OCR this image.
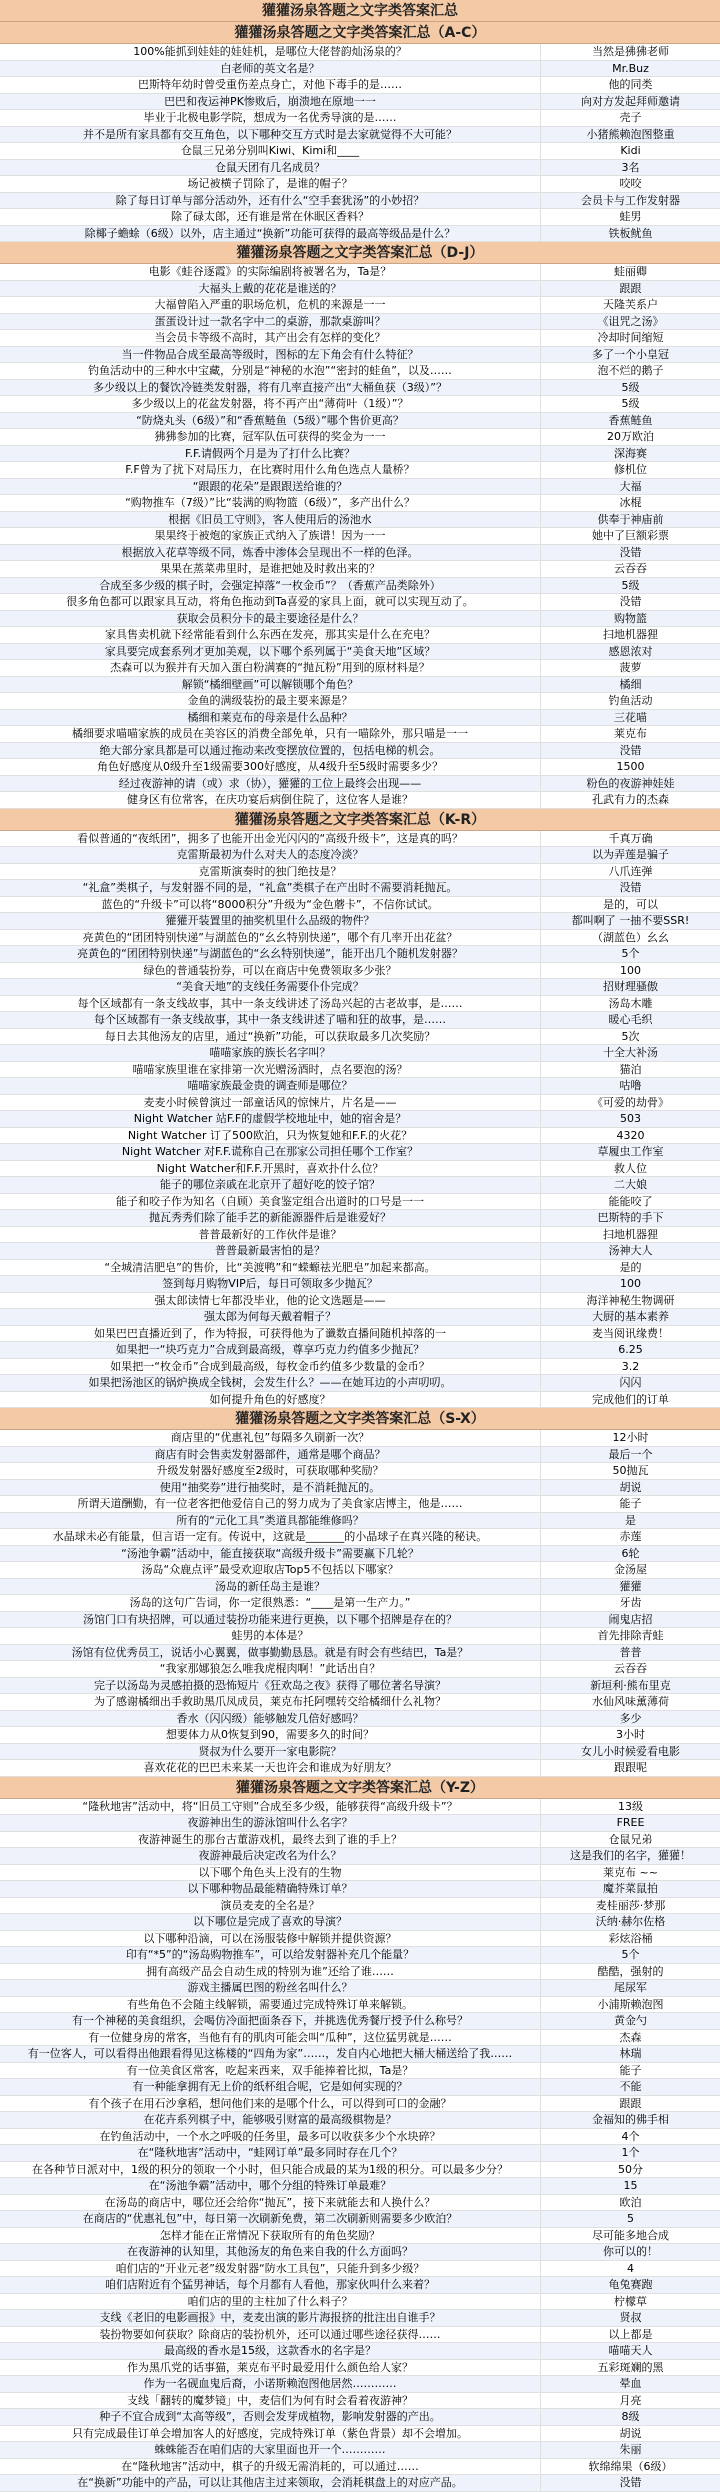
獾獾汤泉答题之文字类答案汇总
獾獾汤泉答题之文字类答案汇总（A-C）
100%能抓到娃娃的娃娃机，是哪位大佬替韵灿汤泉的？	当然是狒狒老师
白老师的英文名是？	Mr.Buz
巴斯特年幼时曾受重伤差点身亡，对他下毒手的是……	他的同类
巴巴和夜运神PK惨败后，崩溃地在原地一一	向对方发起拜师邀请
毕业于北极电影学院，想成为一名优秀导演的是……	壳子
并不是所有家具都有交互角色，以下哪种交互方式时是去家就觉得不大可能？	小猪熊赖泡图整重
仓鼠三兄弟分别叫Kiwi、Kimi和____	Kidi
仓鼠天团有几名成员？	3名
场记被横子罚除了，是谁的帽子？	咬咬
除了每日订单与部分活动外，还有什么“空手套犹汤”的小妙招？	会员卡与工作发射器
除了碌太郎，还有谁是常在休眠区香料？	蛙男
除椰子蟾蜍（6级）以外，店主通过“换新”功能可获得的最高等级品是什么？	铁板鱿鱼
獾獾汤泉答题之文字类答案汇总（D-J）
电影《蛙谷逐霞》的实际编剧将被署名为，Ta是？	蛙丽卿
大福头上戴的花花是谁送的？	跟跟
大福曾陷入严重的职场危机，危机的来源是一一	天隆芙系户
蛋蛋设计过一款名字中二的桌游，那款桌游叫？	《诅咒之汤》
当会员卡等级不高时，其产出会有怎样的变化？	冷却时间缩短
当一件物品合成至最高等级时，图标的左下角会有什么特征？	多了一个小皇冠
钓鱼活动中的三种水中宝藏，分别是“神秘的水泡”“密封的蛙鱼”，以及……	泡不烂的鹅子
多少级以上的餐饮冷链类发射器，将有几率直接产出“大桶鱼获（3级）”？	5级
多少级以上的花盆发射器，将不再产出“薄荷叶（1级）”？	5级
“防烧丸头（6级）”和“香蕉鲢鱼（5级）”哪个售价更高？	香蕉鲢鱼
狒狒参加的比赛，冠军队伍可获得的奖金为一一	20万欧泊
F.F.请假两个月是为了打什么比赛？	深海赛
F.F曾为了扰下对局压力，在比赛时用什么角色选点人量桥？	修机位
“跟跟的花朵”是跟跟送给谁的？	大福
“购物推车（7级）”比“装满的购物篮（6级）”，多产出什么？	冰棍
根据《旧员工守则》，客人使用后的汤池水	供奉于神庙前
果果终于被炮的家族正式纳入了族谱！因为一一	她中了巨额彩票
根据放入花草等级不同，炼香中渗体会呈现出不一样的色泽。	没错
果果在蒸菜弗里时，是谁把她及时救出来的？	云吞吞
合成至多少级的棋子时，会强定掉落“一枚金币”？（香蕉产品类除外）	5级
很多角色都可以跟家具互动，将角色拖动到Ta喜爱的家具上面，就可以实现互动了。	没错
获取会员积分卡的最主要途径是什么？	购物篮
家具售卖机就下经常能看到什么东西在发亮，那其实是什么在充电？	扫地机器狸
家具要完成套系列才更加美观，以下哪个系列属于“美食天地”区域？	感恩浓对
杰森可以为猴并有天加入蛋白粉满赛的“抛瓦粉”用到的原材料是？	菠萝
解锁“橘细壁画”可以解锁哪个角色？	橘细
金鱼的满级装扮的最主要来源是？	钓鱼活动
橘细和莱克布的母亲是什么品种？	三花喵
橘细要求喵喵家族的成员在美容区的消费全部免单，只有一喵除外，那只喵是一一	莱克布
绝大部分家具都是可以通过拖动来改变摆放位置的，包括电梯的机会。	没错
角色好感度从0级升至1级需要300好感度，从4级升至5级时需要多少？	1500
经过夜游神的请（或）求（协），獾獾的工位上最终会出现——	粉色的夜游神娃娃
健身区有位常客，在庆功宴后病倒住院了，这位客人是谁？	孔武有力的杰森
獾獾汤泉答题之文字类答案汇总（K-R）
看似普通的“夜纸团”，拥多了也能开出金光闪闪的“高级升级卡”，这是真的吗？	千真万确
克雷斯最初为什么对夫人的态度冷淡？	以为弄莲是骗子
克雷斯演奏时的独门绝技是？	八爪连弹
“礼盒”类棋子，与发射器不同的是，“礼盒”类棋子在产出时不需要消耗抛瓦。	没错
蓝色的“升级卡”可以将“8000积分”升级为“金色蘑卡”，不信你试试。	是的，可以
獾獾开装置里的抽奖机里什么品级的物件？	都叫啊了 一抽不要SSR!
亮黄色的“团团特别快递”与湖蓝色的“幺幺特别快递”，哪个有几率开出花盆？	（湖蓝色）幺幺
亮黄色的“团团特别快递”与湖蓝色的“幺幺特别快递”，能开出几个随机发射器？	5个
绿色的普通装扮券，可以在商店中免费领取多少张？	100
“美食天地”的支线任务需要仆仆完成？	招财理骚傲
每个区域都有一条支线故事，其中一条支线讲述了汤岛兴起的古老故事，是……	汤岛木雕
每个区域都有一条支线故事，其中一条支线讲述了喵和狂的故事，是……	暖心毛织
每日去其他汤友的店里，通过“换新”功能，可以获取最多几次奖励？	5次
喵喵家族的族长名字叫？	十全大补汤
喵喵家族里谁在家排第一次光赠汤酒时，点名要泡的汤？	猫泊
喵喵家族最金贵的调查师是哪位？	咕噜
麦麦小时候曾演过一部童话风的惊悚片，片名是——	《可爱的劫骨》
Night Watcher 站F.F的虚假学校地址中，她的宿舍是？	503
Night Watcher 订了500欧泊，只为恢复她和F.F.的火花？	4320
Night Watcher 对F.F.谎称自己在那家公司担任哪个工作室？	草履虫工作室
Night Watcher和F.F.开黑时，喜欢扑什么位？	救人位
能子的哪位亲戚在北京开了超好吃的饺子馆？	二大娘
能子和咬子作为知名（自顾）美食鉴定组合出道时的口号是一一	能能咬了
抛瓦秀秀们除了能手艺的新能源器件后是谁爱好？	巴斯特的手下
普普最新好的工作伙伴是谁？	扫地机器狸
普普最新最害怕的是？	汤神大人
“全城清洁肥皂”的售价，比“美渡鸭”和“蝾螈祛光肥皂”加起来都高。	是的
签到每月购物VIP后，每日可领取多少抛瓦？	100
强太郎读情七年都没毕业，他的论文选题是——	海洋神秘生物调研
强太郎为何每天戴着帽子？	大厨的基本素养
如果巴巴直播近到了，作为特报，可获得他为了谶数直播间随机掉落的一	麦当阅讯缘费！
如果把一“块巧克力”合成到最高级，尊享巧克力约值多少抛瓦？	6.25
如果把一“枚金币”合成到最高级，每枚金币约值多少数量的金币？	3.2
如果把汤池区的锅炉换成全钱树，会发生什么？——在她耳边的小声叨叨。	闪闪
如何提升角色的好感度？	完成他们的订单
獾獾汤泉答题之文字类答案汇总（S-X）
商店里的“优惠礼包”每隔多久刷新一次？	12小时
商店有时会售卖发射器部件，通常是哪个商品？	最后一个
升级发射器好感度至2级时，可获取哪种奖励？	50抛瓦
使用“抽奖券”进行抽奖时，是不消耗抛瓦的。	胡说
所谓天道酬勤，有一位老客把他爱信自己的努力成为了美食家店博主，他是……	能子
所有的“元化工具”类道具都能维修吗？	是
水晶球未必有能量，但言语一定有。传说中，这就是_______的小晶球子在真兴隆的秘诀。	赤莲
“汤池争霸”活动中，能直接获取“高级升级卡”需要赢下几轮？	6轮
汤岛“众鹿点评”最受欢迎取店Top5不包括以下哪家？	金汤屋
汤岛的新任岛主是谁？	獾獾
汤岛的这句广告词，你一定很熟悉：“____是第一生产力。”	牙齿
汤馆门口有块招牌，可以通过装扮功能来进行更换，以下哪个招牌是存在的？	闹鬼店招
蛙男的本体是？	首先排除青蛙
汤馆有位优秀员工，说话小心翼翼，做事勤勤恳恳。就是有时会有些结巴，Ta是？	普普
“我家那娜狼怎么唯我虎棍肉啊！”此话出自？	云吞吞
完子以汤岛为灵感拍摄的恐怖短片《狂欢岛之夜》获得了哪位著名导演？	新垣利·熊布里克
为了感谢橘细出手救助黑爪凤成员，莱克布托阿嘿转交给橘细什么礼物？	水仙风味薰薄荷
香水（闪闪级）能够触发几倍好感吗？	多少
想要体力从0恢复到90，需要多久的时间？	3小时
贤叔为什么要开一家电影院？	女儿小时候爱看电影
喜欢花花的巴巴未来某一天也许会和谁成为好朋友？	跟跟呢
獾獾汤泉答题之文字类答案汇总（Y-Z）
“隆秋地害”活动中，将“旧员工守则”合成至多少级，能够获得“高级升级卡”？	13级
夜游神出生的游泳馆叫什么名字？	FREE
夜游神诞生的那台古董游戏机，最终去到了谁的手上？	仓鼠兄弟
夜游神最后决定改名为什么？	这是我们的名字，獾獾！
以下哪个角色头上没有的生物	莱克布 ~~
以下哪种物品最能精确特殊订单？	魔芥菜鼠拍
演员麦麦的全名是？	麦桂丽莎·梦那
以下哪位是完成了喜欢的导演？	沃纳·赫尔佐格
以下哪种沿滴，可以在汤服装修中解锁并提供资源？	彩炫浴桶
印有“*5”的“汤岛购物推车”，可以给发射器补充几个能量？	5个
拥有高级产品会自动生成的特别为谁”还给了谁……	酷酷，强射的
游戏主播属巴图的粉丝名叫什么？	尾尿军
有些角色不会随主线解锁，需要通过完成特殊订单来解锁。	小浦斯赖泡图
有一个神秘的美食组织，会喝仿冷面把面条吞下，并挑选优秀餐厅授予什么称号？	黄金勺
有一位健身房的常客，当他有有的肌肉可能会叫“瓜种”，这位猛男就是……	杰森
有一位客人，可以看得出他跟看得见这栋楼的“四角为家”……，发自内心地把大桶大桶送给了我……	林瑞
有一位美食区常客，吃起来西来，双手能捧着比拟，Ta是？	能子
有一种能拿拥有无上价的纸杯组合呢，它是如何实现的？	不能
有个孩子在用石沙拿稻，想问他们来的是哪个什么，可以得到可口的金融？	跟跟
在花卉系列棋子中，能够吸引财富的最高级棋物是？	金福知的佛手相
在钓鱼活动中，一个水之呼吸的任务里，最多可以收获多少个水块碎？	4个
在“隆秋地害”活动中，“蛙网订单”最多同时存在几个？	1个
在各种节日派对中，1级的积分的领取一个小时，但只能合成最的某为1级的积分。可以最多少分？	50分
在“汤池争霸”活动中，哪个分组的特殊订单最难？	15
在汤岛的商店中，哪位还会给你“抛瓦”，接下来就能去和人换什么？	欧泊
在商店的“优惠礼包”中，每日第一次刷新免费，第二次刷新则需要多少欧泊？	5
怎样才能在正常情况下获取所有的角色奖励？	尽可能多地合成
在夜游神的认知里，其他汤友的角色来自我的什么方面吗？	你可以的！
咱们店的“开业元老”级发射器“防水工具包”，只能升到多少级？	4
咱们店附近有个猛男神话，每个月都有人看他，那家伙叫什么来着？	龟兔赛跑
咱们店的里的主柱加了什么料子？	柠檬草
支线《老旧的电影画报》中，麦麦出演的影片海报挤的批注出自谁手？	贤叔
装扮物要如何获取？除商店的装扮机外，还可以通过哪些途径获得……	以上都是
最高级的香水是15级，这款香水的名字是？	喵喵天人
作为黑爪党的话事猫，莱克布平时最爱用什么颜色给人家？	五彩斑斓的黑
作为一名砚血鬼后裔，小诺斯赖泡图他居然…………	晕血
支线「翻转的魔梦镜」中，麦信们为何有时会看着夜游神？	月亮
种子不宜合成到“太高等级”，否则会发芽成植物，影响发射器的产出。	8级
只有完成最佳订单会增加客人的好感度，完成特殊订单（紫色背景）却不会增加。	胡说
蛛蛛能否在咱们店的大家里面也开一个…………	朱丽
在“隆秋地害”活动中，棋子的升级无需消耗的，可以通过……	软绵绵果（6级）
在“换新”功能中的产品，可以让其他店主过来领取，会消耗棋盘上的对应产品。	没错
